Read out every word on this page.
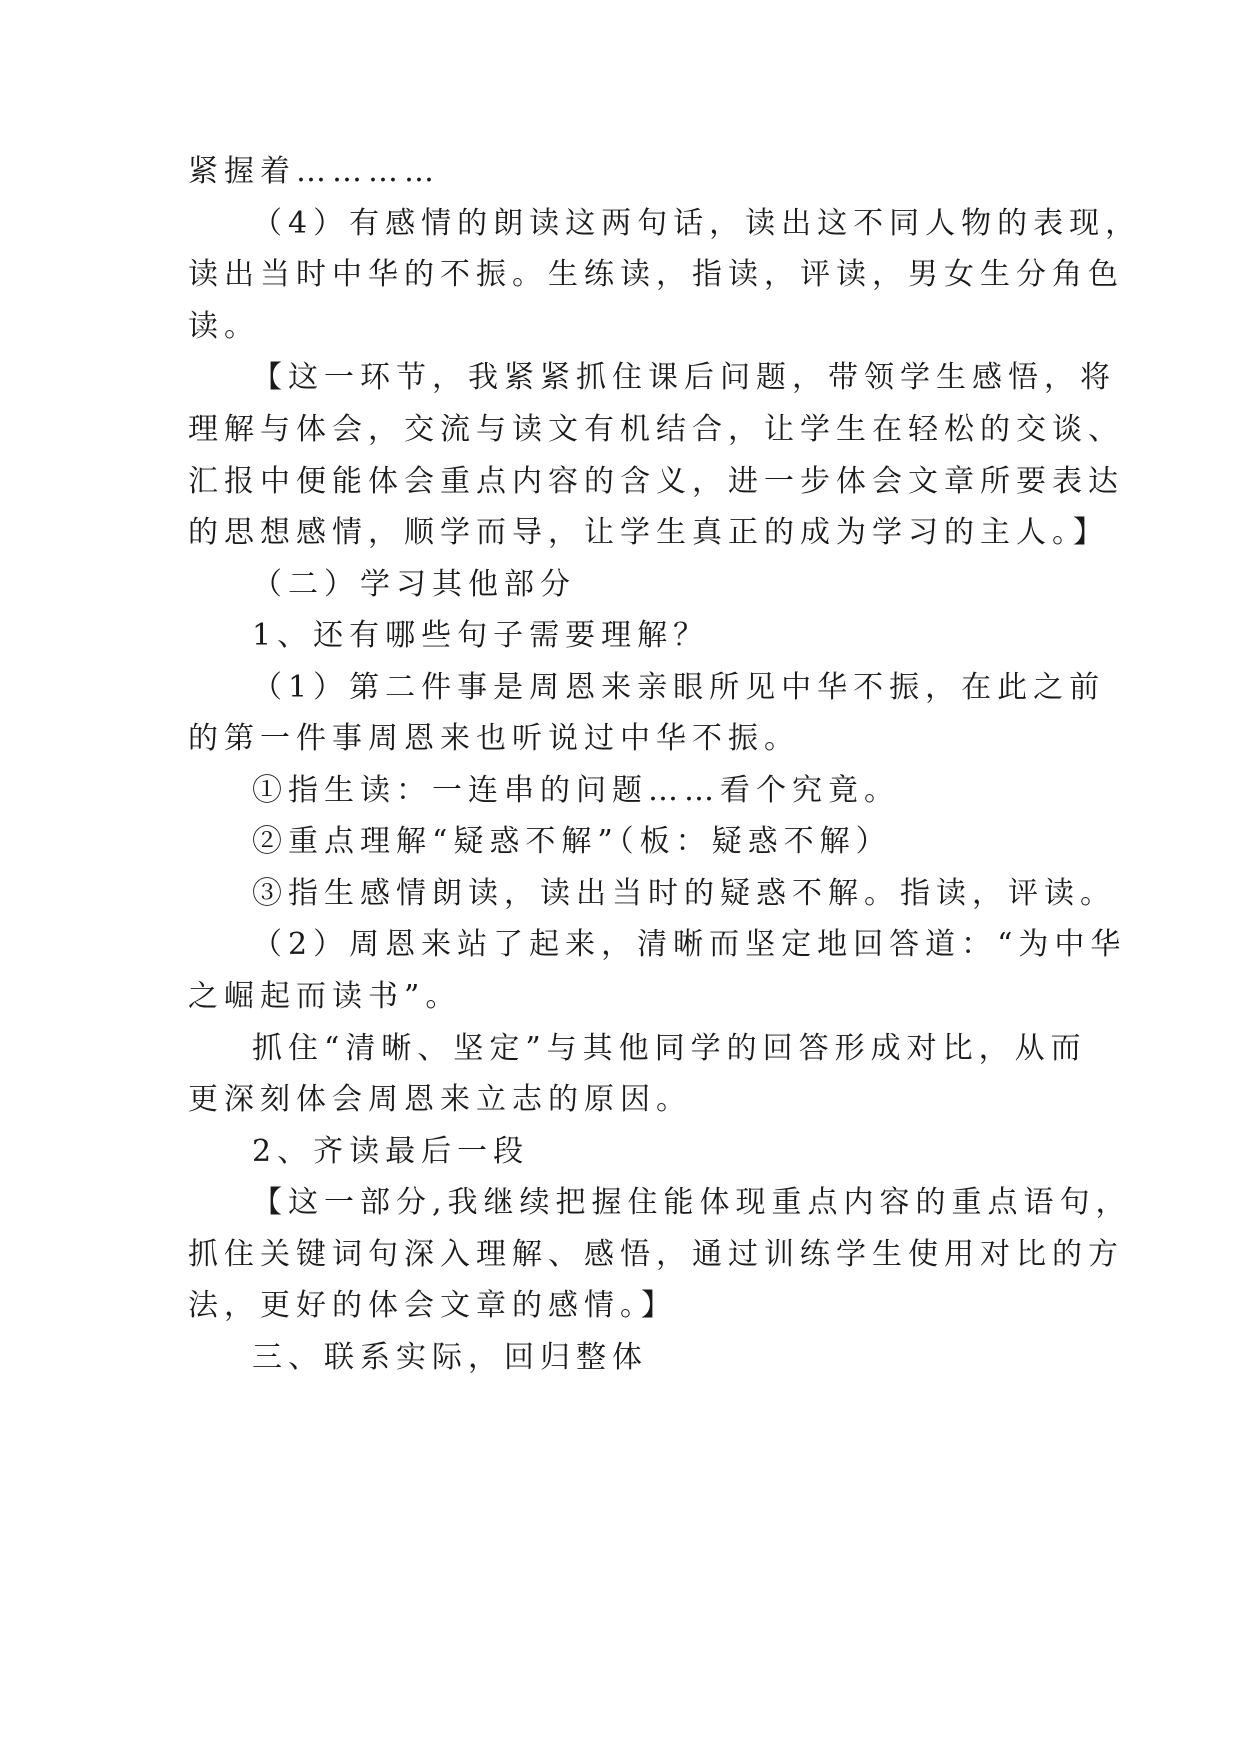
紧握着…………

（4）有感情的朗读这两句话，读出这不同人物的表现，

读出当时中华的不振。生练读，指读，评读，男女生分角色

读。

【这一环节，我紧紧抓住课后问题，带领学生感悟，将

理解与体会，交流与读文有机结合，让学生在轻松的交谈、

汇报中便能体会重点内容的含义，进一步体会文章所要表达

的思想感情，顺学而导，让学生真正的成为学习的主人。】

（二）学习其他部分

1、还有哪些句子需要理解？

（1）第二件事是周恩来亲眼所见中华不振，在此之前

的第一件事周恩来也听说过中华不振。

①指生读：一连串的问题……看个究竟。

②重点理解“疑惑不解”（板：疑惑不解）

③指生感情朗读，读出当时的疑惑不解。指读，评读。

（2）周恩来站了起来，清晰而坚定地回答道：“为中华

之崛起而读书”。

抓住“清晰、坚定”与其他同学的回答形成对比，从而

更深刻体会周恩来立志的原因。

2、齐读最后一段

【这一部分,我继续把握住能体现重点内容的重点语句，

抓住关键词句深入理解、感悟，通过训练学生使用对比的方

法，更好的体会文章的感情。】

三、联系实际，回归整体
